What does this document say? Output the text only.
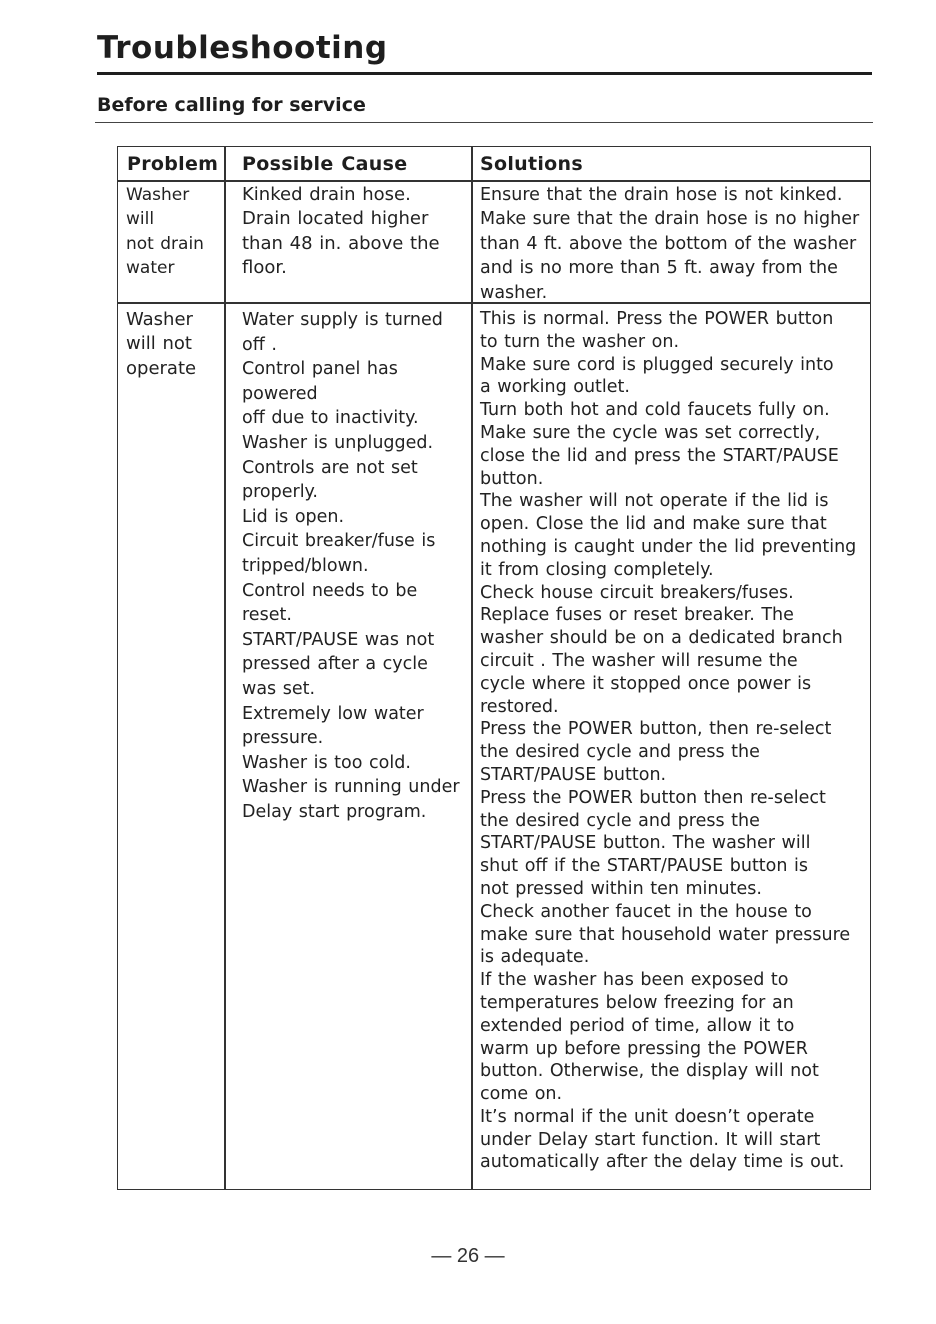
Troubleshooting
Before calling for service
Problem Possible Cause	Solutions
Washer will
not drain
water
Kinked drain hose.
Drain located higher
than 48 in. above the
floor.
Ensure that the drain hose is not kinked.
Make sure that the drain hose is no higher
than 4 ft. above the bottom of the washer
and is no more than 5 ft. away from the
washer.
Washer
will not
operate
Water supply is turned off .
Control panel has powered
off due to inactivity.
Washer is unplugged.
Controls are not set
properly.
Lid is open.
Circuit breaker/fuse is
tripped/blown.
Control needs to be reset.
START/PAUSE was not
pressed after a cycle
was set.
Extremely low water
pressure.
Washer is too cold.
Washer is running under
Delay start program.
This is normal. Press the POWER button
to turn the washer on.
Make sure cord is plugged securely into
a working outlet.
Turn both hot and cold faucets fully on.
Make sure the cycle was set correctly,
close the lid and press the START/PAUSE
button.
The washer will not operate if the lid is
open. Close the lid and make sure that
nothing is caught under the lid preventing
it from closing completely.
Check house circuit breakers/fuses.
Replace fuses or reset breaker. The
washer should be on a dedicated branch
circuit . The washer will resume the
cycle where it stopped once power is
restored.
Press the POWER button, then re-select
the desired cycle and press the
START/PAUSE button.
Press the POWER button then re-select
the desired cycle and press the
START/PAUSE button. The washer will
shut off if the START/PAUSE button is
not pressed within ten minutes.
Check another faucet in the house to
make sure that household water pressure
is adequate.
If the washer has been exposed to
temperatures below freezing for an
extended period of time, allow it to
warm up before pressing the POWER
button. Otherwise, the display will not
come on.
It’s normal if the unit doesn’t operate
under Delay start function. It will start
automatically after the delay time is out.
— 26 —
